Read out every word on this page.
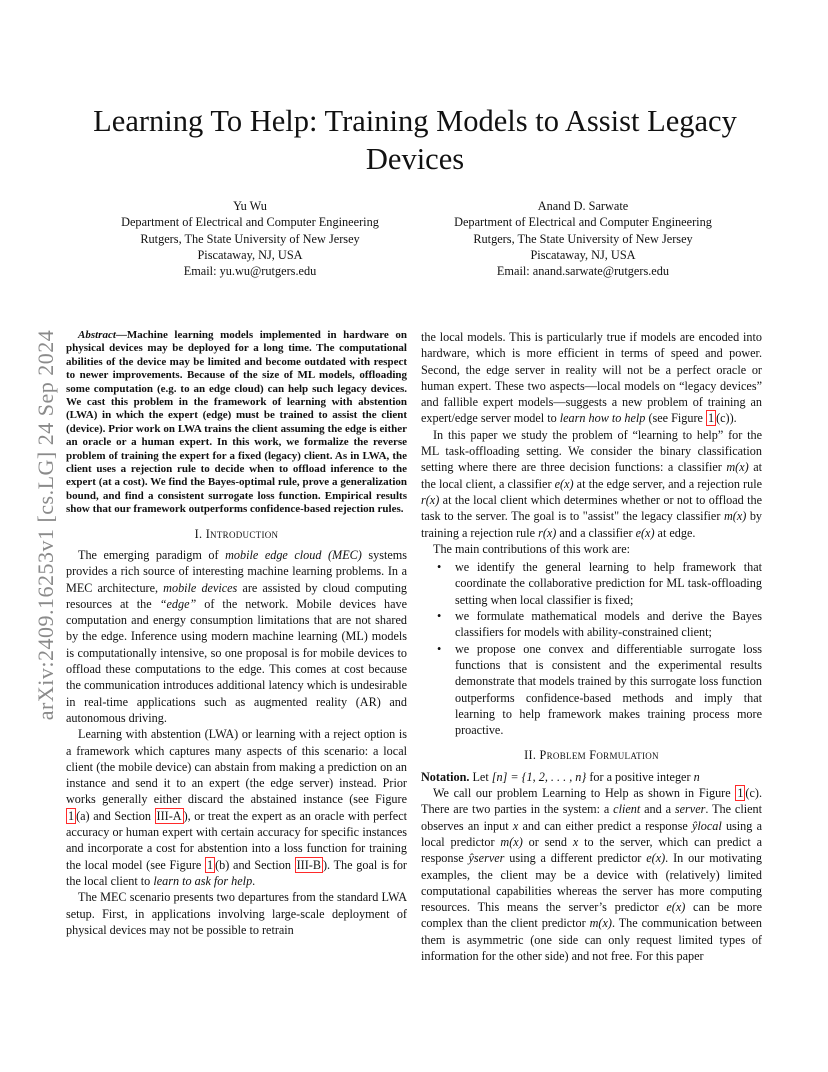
arXiv:2409.16253v1 [cs.LG] 24 Sep 2024
Learning To Help: Training Models to Assist Legacy Devices
Yu Wu
Department of Electrical and Computer Engineering
Rutgers, The State University of New Jersey
Piscataway, NJ, USA
Email: yu.wu@rutgers.edu
Anand D. Sarwate
Department of Electrical and Computer Engineering
Rutgers, The State University of New Jersey
Piscataway, NJ, USA
Email: anand.sarwate@rutgers.edu

Abstract—Machine learning models implemented in hardware on physical devices may be deployed for a long time. The computational abilities of the device may be limited and become outdated with respect to newer improvements. Because of the size of ML models, offloading some computation (e.g. to an edge cloud) can help such legacy devices. We cast this problem in the framework of learning with abstention (LWA) in which the expert (edge) must be trained to assist the client (device). Prior work on LWA trains the client assuming the edge is either an oracle or a human expert. In this work, we formalize the reverse problem of training the expert for a fixed (legacy) client. As in LWA, the client uses a rejection rule to decide when to offload inference to the expert (at a cost). We find the Bayes-optimal rule, prove a generalization bound, and find a consistent surrogate loss function. Empirical results show that our framework outperforms confidence-based rejection rules.

I. Introduction

The emerging paradigm of mobile edge cloud (MEC) systems provides a rich source of interesting machine learning problems. In a MEC architecture, mobile devices are assisted by cloud computing resources at the “edge” of the network. Mobile devices have computation and energy consumption limitations that are not shared by the edge. Inference using modern machine learning (ML) models is computationally intensive, so one proposal is for mobile devices to offload these computations to the edge. This comes at cost because the communication introduces additional latency which is undesirable in real-time applications such as augmented reality (AR) and autonomous driving.

Learning with abstention (LWA) or learning with a reject option is a framework which captures many aspects of this scenario: a local client (the mobile device) can abstain from making a prediction on an instance and send it to an expert (the edge server) instead. Prior works generally either discard the abstained instance (see Figure 1 (a) and Section III-A ), or treat the expert as an oracle with perfect accuracy or human expert with certain accuracy for specific instances and incorporate a cost for abstention into a loss function for training the local model (see Figure 1 (b) and Section III-B ). The goal is for the local client to learn to ask for help.

The MEC scenario presents two departures from the standard LWA setup. First, in applications involving large-scale deployment of physical devices may not be possible to retrain

the local models. This is particularly true if models are encoded into hardware, which is more efficient in terms of speed and power. Second, the edge server in reality will not be a perfect oracle or human expert. These two aspects—local models on “legacy devices” and fallible expert models—suggests a new problem of training an expert/edge server model to learn how to help (see Figure 1 (c)).

In this paper we study the problem of “learning to help” for the ML task-offloading setting. We consider the binary classification setting where there are three decision functions: a classifier m(x) at the local client, a classifier e(x) at the edge server, and a rejection rule r(x) at the local client which determines whether or not to offload the task to the server. The goal is to "assist" the legacy classifier m(x) by training a rejection rule r(x) and a classifier e(x) at edge.

The main contributions of this work are:

• we identify the general learning to help framework that coordinate the collaborative prediction for ML task-offloading setting when local classifier is fixed;
• we formulate mathematical models and derive the Bayes classifiers for models with ability-constrained client;
• we propose one convex and differentiable surrogate loss functions that is consistent and the experimental results demonstrate that models trained by this surrogate loss function outperforms confidence-based methods and imply that learning to help framework makes training process more proactive.
II. Problem Formulation

Notation. Let [n] = {1, 2, . . . , n} for a positive integer n

We call our problem Learning to Help as shown in Figure 1 (c). There are two parties in the system: a client and a server. The client observes an input x and can either predict a response ŷlocal using a local predictor m(x) or send x to the server, which can predict a response ŷserver using a different predictor e(x). In our motivating examples, the client may be a device with (relatively) limited computational capabilities whereas the server has more computing resources. This means the server’s predictor e(x) can be more complex than the client predictor m(x). The communication between them is asymmetric (one side can only request limited types of information for the other side) and not free. For this paper
